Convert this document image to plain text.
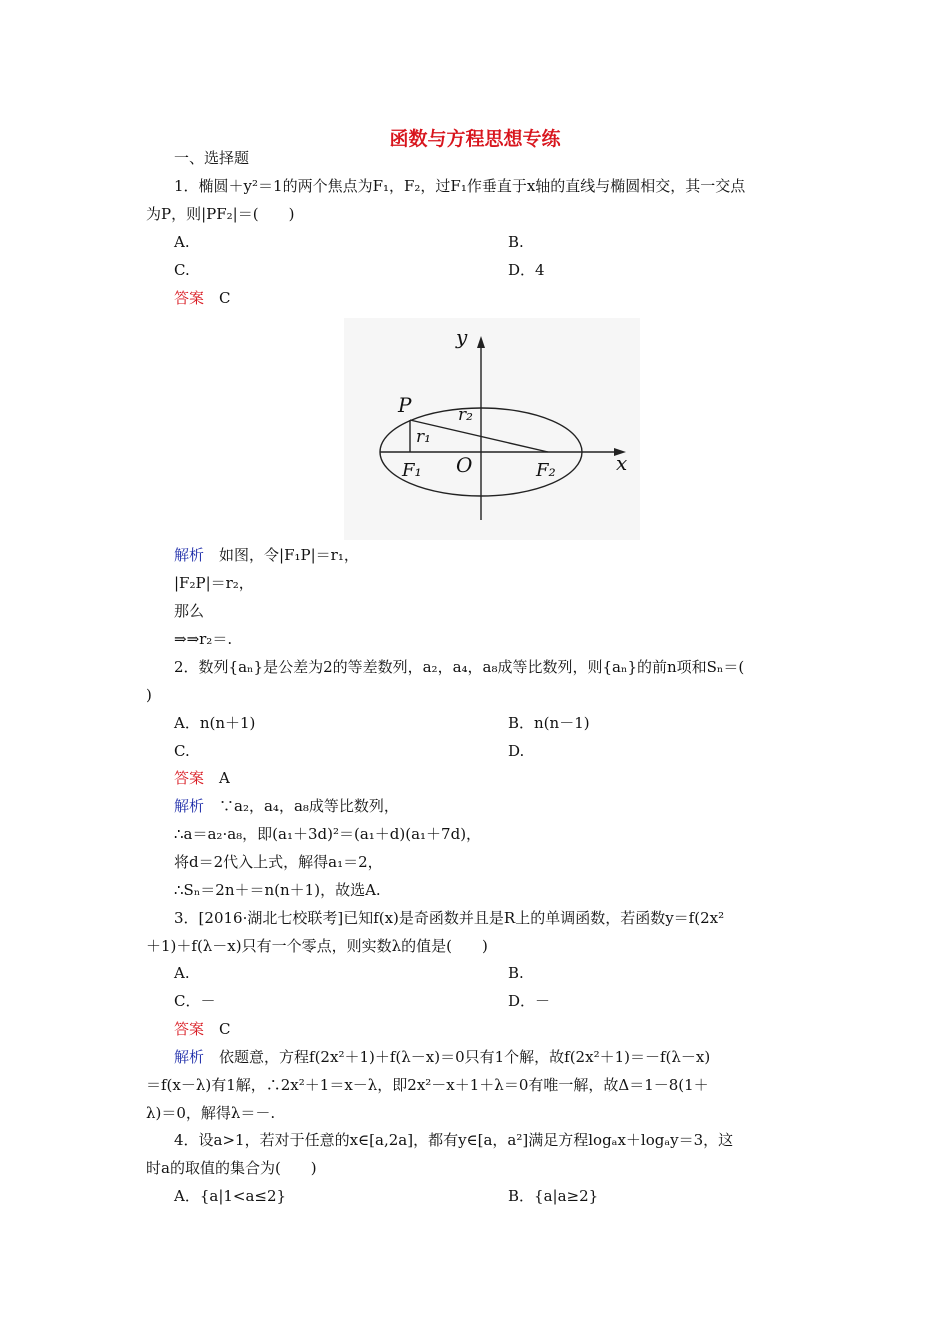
函数与方程思想专练
一、选择题
1．椭圆＋y²＝1的两个焦点为F₁，F₂，过F₁作垂直于x轴的直线与椭圆相交，其一交点
为P，则|PF₂|＝(　　)
A.	B.
C.	D．4
答案　 C
解析　 如图，令|F₁P|＝r₁，
|F₂P|＝r₂，
那么
⇒⇒r₂＝.
2．数列{aₙ}是公差为2的等差数列，a₂，a₄，a₈成等比数列，则{aₙ}的前n项和Sₙ＝(
)
A．n(n＋1)	B．n(n－1)
C.	D.
答案　 A
解析　 ∵a₂，a₄，a₈成等比数列，
∴a＝a₂·a₈，即(a₁＋3d)²＝(a₁＋d)(a₁＋7d)，
将d＝2代入上式，解得a₁＝2，
∴Sₙ＝2n＋＝n(n＋1)，故选A.
3．[2016·湖北七校联考]已知f(x)是奇函数并且是R上的单调函数，若函数y＝f(2x²
＋1)＋f(λ－x)只有一个零点，则实数λ的值是(　　)
A.	B.
C．－	D．－
答案　 C
解析　 依题意，方程f(2x²＋1)＋f(λ－x)＝0只有1个解，故f(2x²＋1)＝－f(λ－x)
＝f(x－λ)有1解，∴2x²＋1＝x－λ，即2x²－x＋1＋λ＝0有唯一解，故Δ＝1－8(1＋
λ)＝0，解得λ＝－.
4．设a>1，若对于任意的x∈[a,2a]，都有y∈[a，a²]满足方程logₐx＋logₐy＝3，这
时a的取值的集合为(　　)
A．{a|1<a≤2}	B．{a|a≥2}
y
x
P	r₂
r₁
F₁ O	F₂
